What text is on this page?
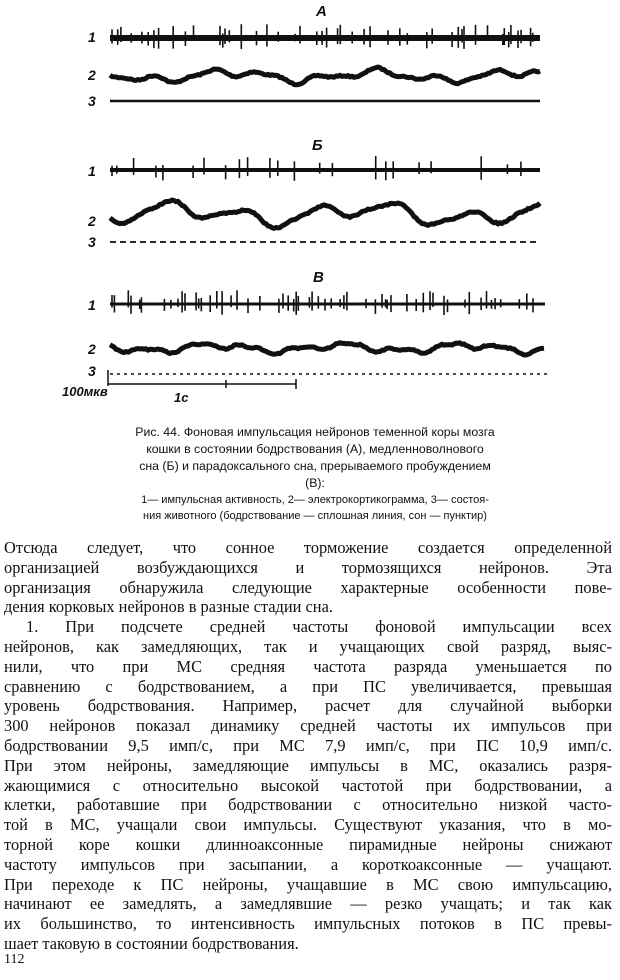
А
1
2
3
Б
1
2
3
В
1
2
3
100мкв	1с
Рис. 44. Фоновая импульсация нейронов теменной коры мозга
кошки в состоянии бодрствования (А), медленноволнового
сна (Б) и парадоксального сна, прерываемого пробуждением
(В):
1— импульсная активность, 2— электрокортикограмма, 3— состоя-
ния животного (бодрствование — сплошная линия, сон — пунктир)
Отсюда следует, что сонное торможение создается определенной
организацией возбуждающихся и тормозящихся нейронов. Эта
организация обнаружила следующие характерные особенности пове-
дения корковых нейронов в разные стадии сна.
1. При подсчете средней частоты фоновой импульсации всех
нейронов, как замедляющих, так и учащающих свой разряд, выяс-
нили, что при МС средняя частота разряда уменьшается по
сравнению с бодрствованием, а при ПС увеличивается, превышая
уровень бодрствования. Например, расчет для случайной выборки
300 нейронов показал динамику средней частоты их импульсов при
бодрствовании 9,5 имп/с, при МС 7,9 имп/с, при ПС 10,9 имп/с.
При этом нейроны, замедляющие импульсы в МС, оказались разря-
жающимися с относительно высокой частотой при бодрствовании, а
клетки, работавшие при бодрствовании с относительно низкой часто-
той в МС, учащали свои импульсы. Существуют указания, что в мо-
торной коре кошки длинноаксонные пирамидные нейроны снижают
частоту импульсов при засыпании, а короткоаксонные — учащают.
При переходе к ПС нейроны, учащавшие в МС свою импульсацию,
начинают ее замедлять, а замедлявшие — резко учащать; и так как
их большинство, то интенсивность импульсных потоков в ПС превы-
шает таковую в состоянии бодрствования.
112
